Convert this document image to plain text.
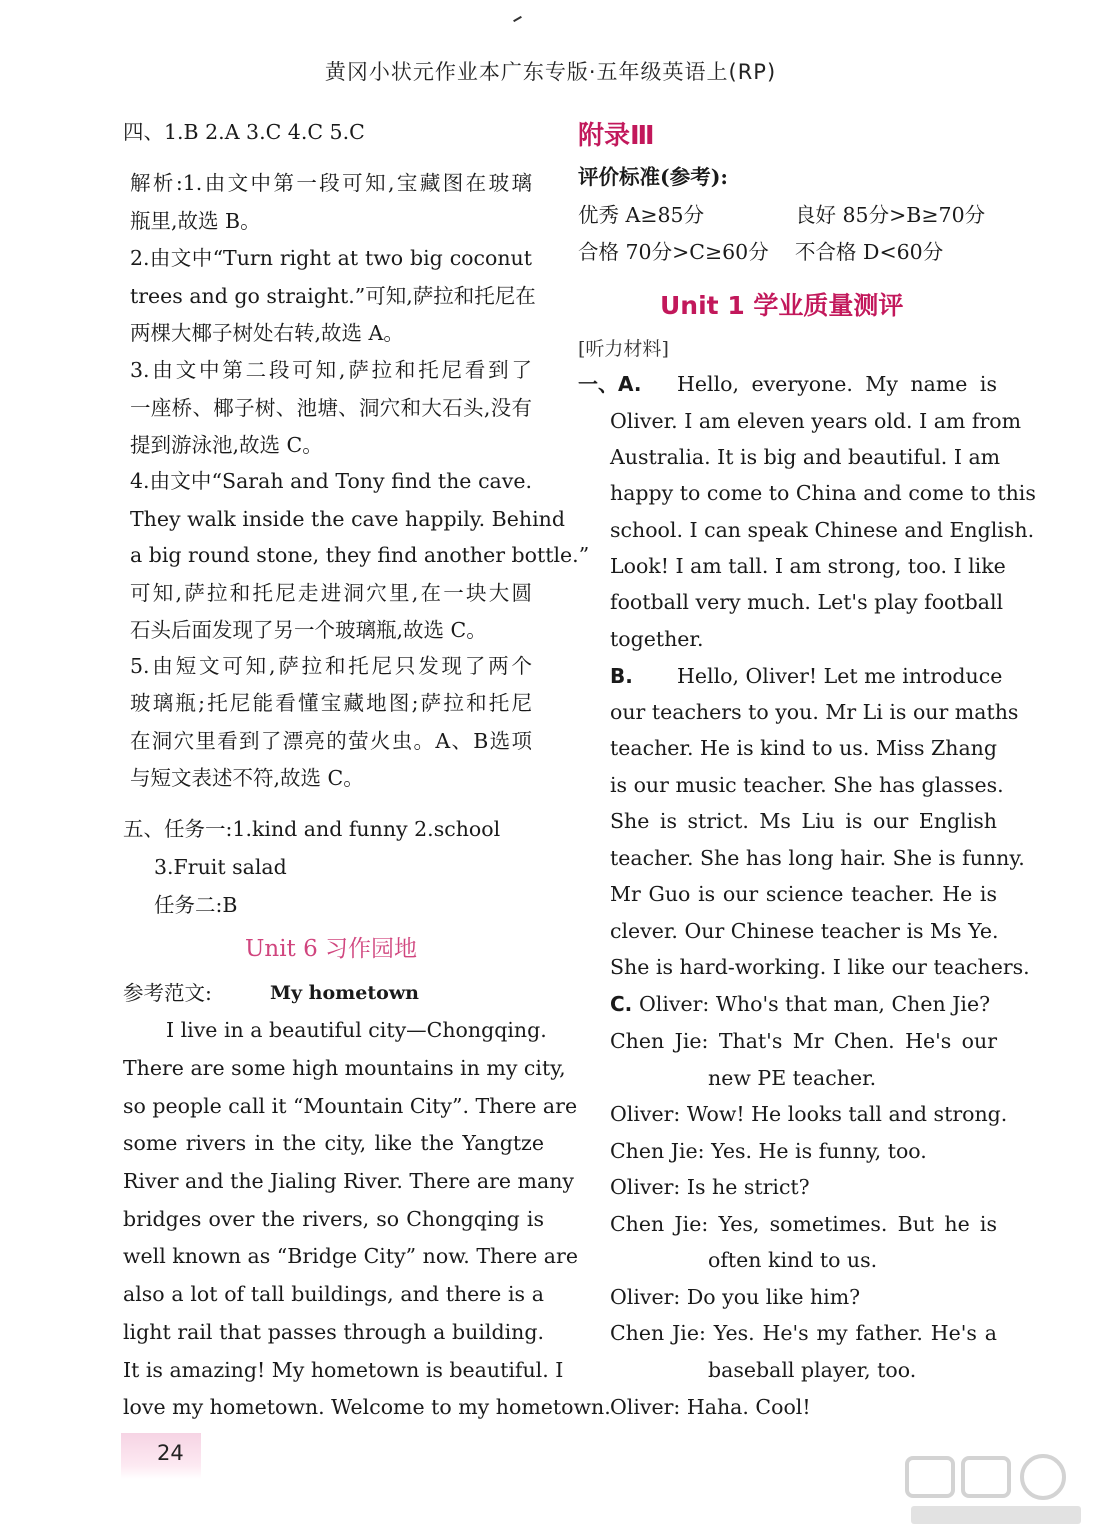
黄冈小状元作业本广东专版·五年级英语上(RP)
四、1.B 2.A 3.C 4.C 5.C
解析:1.由文中第一段可知,宝藏图在玻璃
瓶里,故选 B。
2.由文中“Turn right at two big coconut
trees and go straight.”可知,萨拉和托尼在
两棵大椰子树处右转,故选 A。
3.由文中第二段可知,萨拉和托尼看到了
一座桥、椰子树、池塘、洞穴和大石头,没有
提到游泳池,故选 C。
4.由文中“Sarah and Tony find the cave.
They walk inside the cave happily. Behind
a big round stone, they find another bottle.”
可知,萨拉和托尼走进洞穴里,在一块大圆
石头后面发现了另一个玻璃瓶,故选 C。
5.由短文可知,萨拉和托尼只发现了两个
玻璃瓶;托尼能看懂宝藏地图;萨拉和托尼
在洞穴里看到了漂亮的萤火虫。A、B选项
与短文表述不符,故选 C。
五、任务一:1.kind and funny 2.school
3.Fruit salad
任务二:B
Unit 6 习作园地
参考范文:	My hometown
I live in a beautiful city—Chongqing.
There are some high mountains in my city,
so people call it “Mountain City”. There are
some rivers in the city, like the Yangtze
River and the Jialing River. There are many
bridges over the rivers, so Chongqing is
well known as “Bridge City” now. There are
also a lot of tall buildings, and there is a
light rail that passes through a building.
It is amazing! My hometown is beautiful. I
love my hometown. Welcome to my hometown.
24
附录Ⅲ
评价标准(参考):
优秀 A≥85分	良好 85分>B≥70分
合格 70分>C≥60分 不合格 D<60分
Unit 1 学业质量测评
[听力材料]
一、A. Hello, everyone. My name is
Oliver. I am eleven years old. I am from
Australia. It is big and beautiful. I am
happy to come to China and come to this
school. I can speak Chinese and English.
Look! I am tall. I am strong, too. I like
football very much. Let's play football
together.
B. Hello, Oliver! Let me introduce
our teachers to you. Mr Li is our maths
teacher. He is kind to us. Miss Zhang
is our music teacher. She has glasses.
She is strict. Ms Liu is our English
teacher. She has long hair. She is funny.
Mr Guo is our science teacher. He is
clever. Our Chinese teacher is Ms Ye.
She is hard-working. I like our teachers.
C. Oliver: Who's that man, Chen Jie?
Chen Jie: That's Mr Chen. He's our
new PE teacher.
Oliver: Wow! He looks tall and strong.
Chen Jie: Yes. He is funny, too.
Oliver: Is he strict?
Chen Jie: Yes, sometimes. But he is
often kind to us.
Oliver: Do you like him?
Chen Jie: Yes. He's my father. He's a
baseball player, too.
Oliver: Haha. Cool!
